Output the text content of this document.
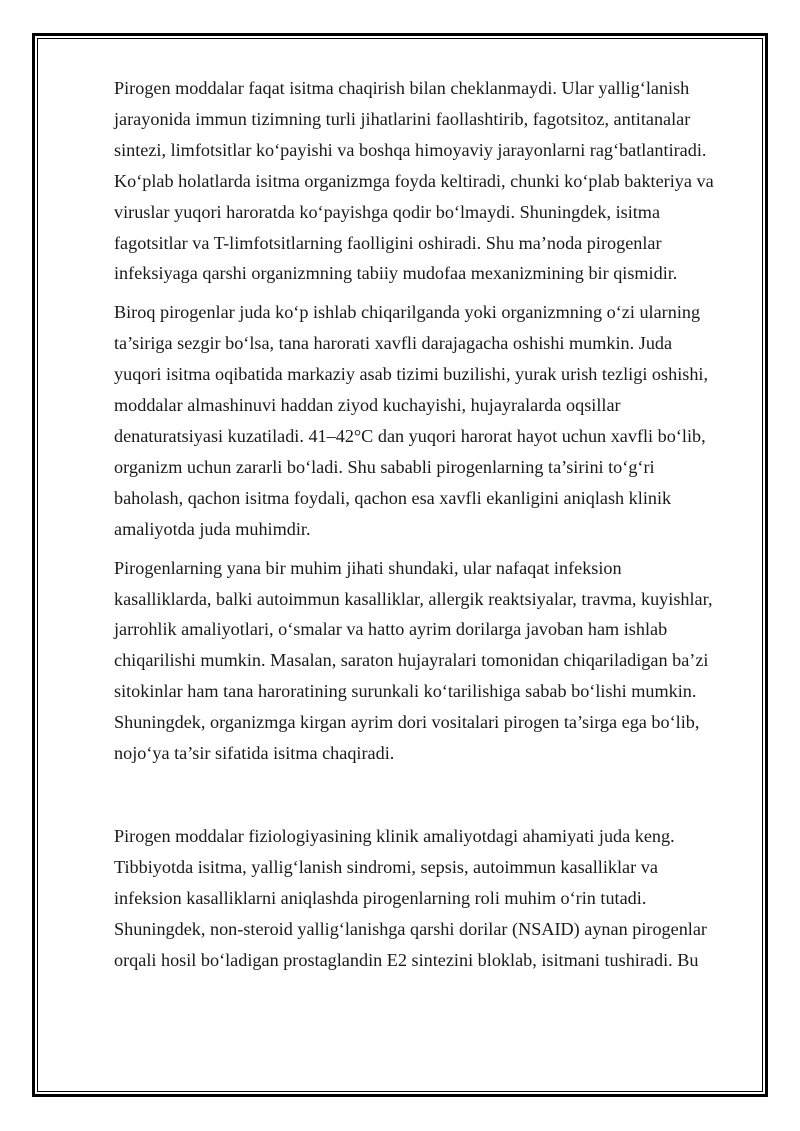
Pirogen moddalar faqat isitma chaqirish bilan cheklanmaydi. Ular yallig‘lanish
jarayonida immun tizimning turli jihatlarini faollashtirib, fagotsitoz, antitanalar
sintezi, limfotsitlar ko‘payishi va boshqa himoyaviy jarayonlarni rag‘batlantiradi.
Ko‘plab holatlarda isitma organizmga foyda keltiradi, chunki ko‘plab bakteriya va
viruslar yuqori haroratda ko‘payishga qodir bo‘lmaydi. Shuningdek, isitma
fagotsitlar va T-limfotsitlarning faolligini oshiradi. Shu ma’noda pirogenlar
infeksiyaga qarshi organizmning tabiiy mudofaa mexanizmining bir qismidir.

Biroq pirogenlar juda ko‘p ishlab chiqarilganda yoki organizmning o‘zi ularning
ta’siriga sezgir bo‘lsa, tana harorati xavfli darajagacha oshishi mumkin. Juda
yuqori isitma oqibatida markaziy asab tizimi buzilishi, yurak urish tezligi oshishi,
moddalar almashinuvi haddan ziyod kuchayishi, hujayralarda oqsillar
denaturatsiyasi kuzatiladi. 41–42°C dan yuqori harorat hayot uchun xavfli bo‘lib,
organizm uchun zararli bo‘ladi. Shu sababli pirogenlarning ta’sirini to‘g‘ri
baholash, qachon isitma foydali, qachon esa xavfli ekanligini aniqlash klinik
amaliyotda juda muhimdir.

Pirogenlarning yana bir muhim jihati shundaki, ular nafaqat infeksion
kasalliklarda, balki autoimmun kasalliklar, allergik reaktsiyalar, travma, kuyishlar,
jarrohlik amaliyotlari, o‘smalar va hatto ayrim dorilarga javoban ham ishlab
chiqarilishi mumkin. Masalan, saraton hujayralari tomonidan chiqariladigan ba’zi
sitokinlar ham tana haroratining surunkali ko‘tarilishiga sabab bo‘lishi mumkin.
Shuningdek, organizmga kirgan ayrim dori vositalari pirogen ta’sirga ega bo‘lib,
nojo‘ya ta’sir sifatida isitma chaqiradi.

Pirogen moddalar fiziologiyasining klinik amaliyotdagi ahamiyati juda keng.
Tibbiyotda isitma, yallig‘lanish sindromi, sepsis, autoimmun kasalliklar va
infeksion kasalliklarni aniqlashda pirogenlarning roli muhim o‘rin tutadi.
Shuningdek, non-steroid yallig‘lanishga qarshi dorilar (NSAID) aynan pirogenlar
orqali hosil bo‘ladigan prostaglandin E2 sintezini bloklab, isitmani tushiradi. Bu
